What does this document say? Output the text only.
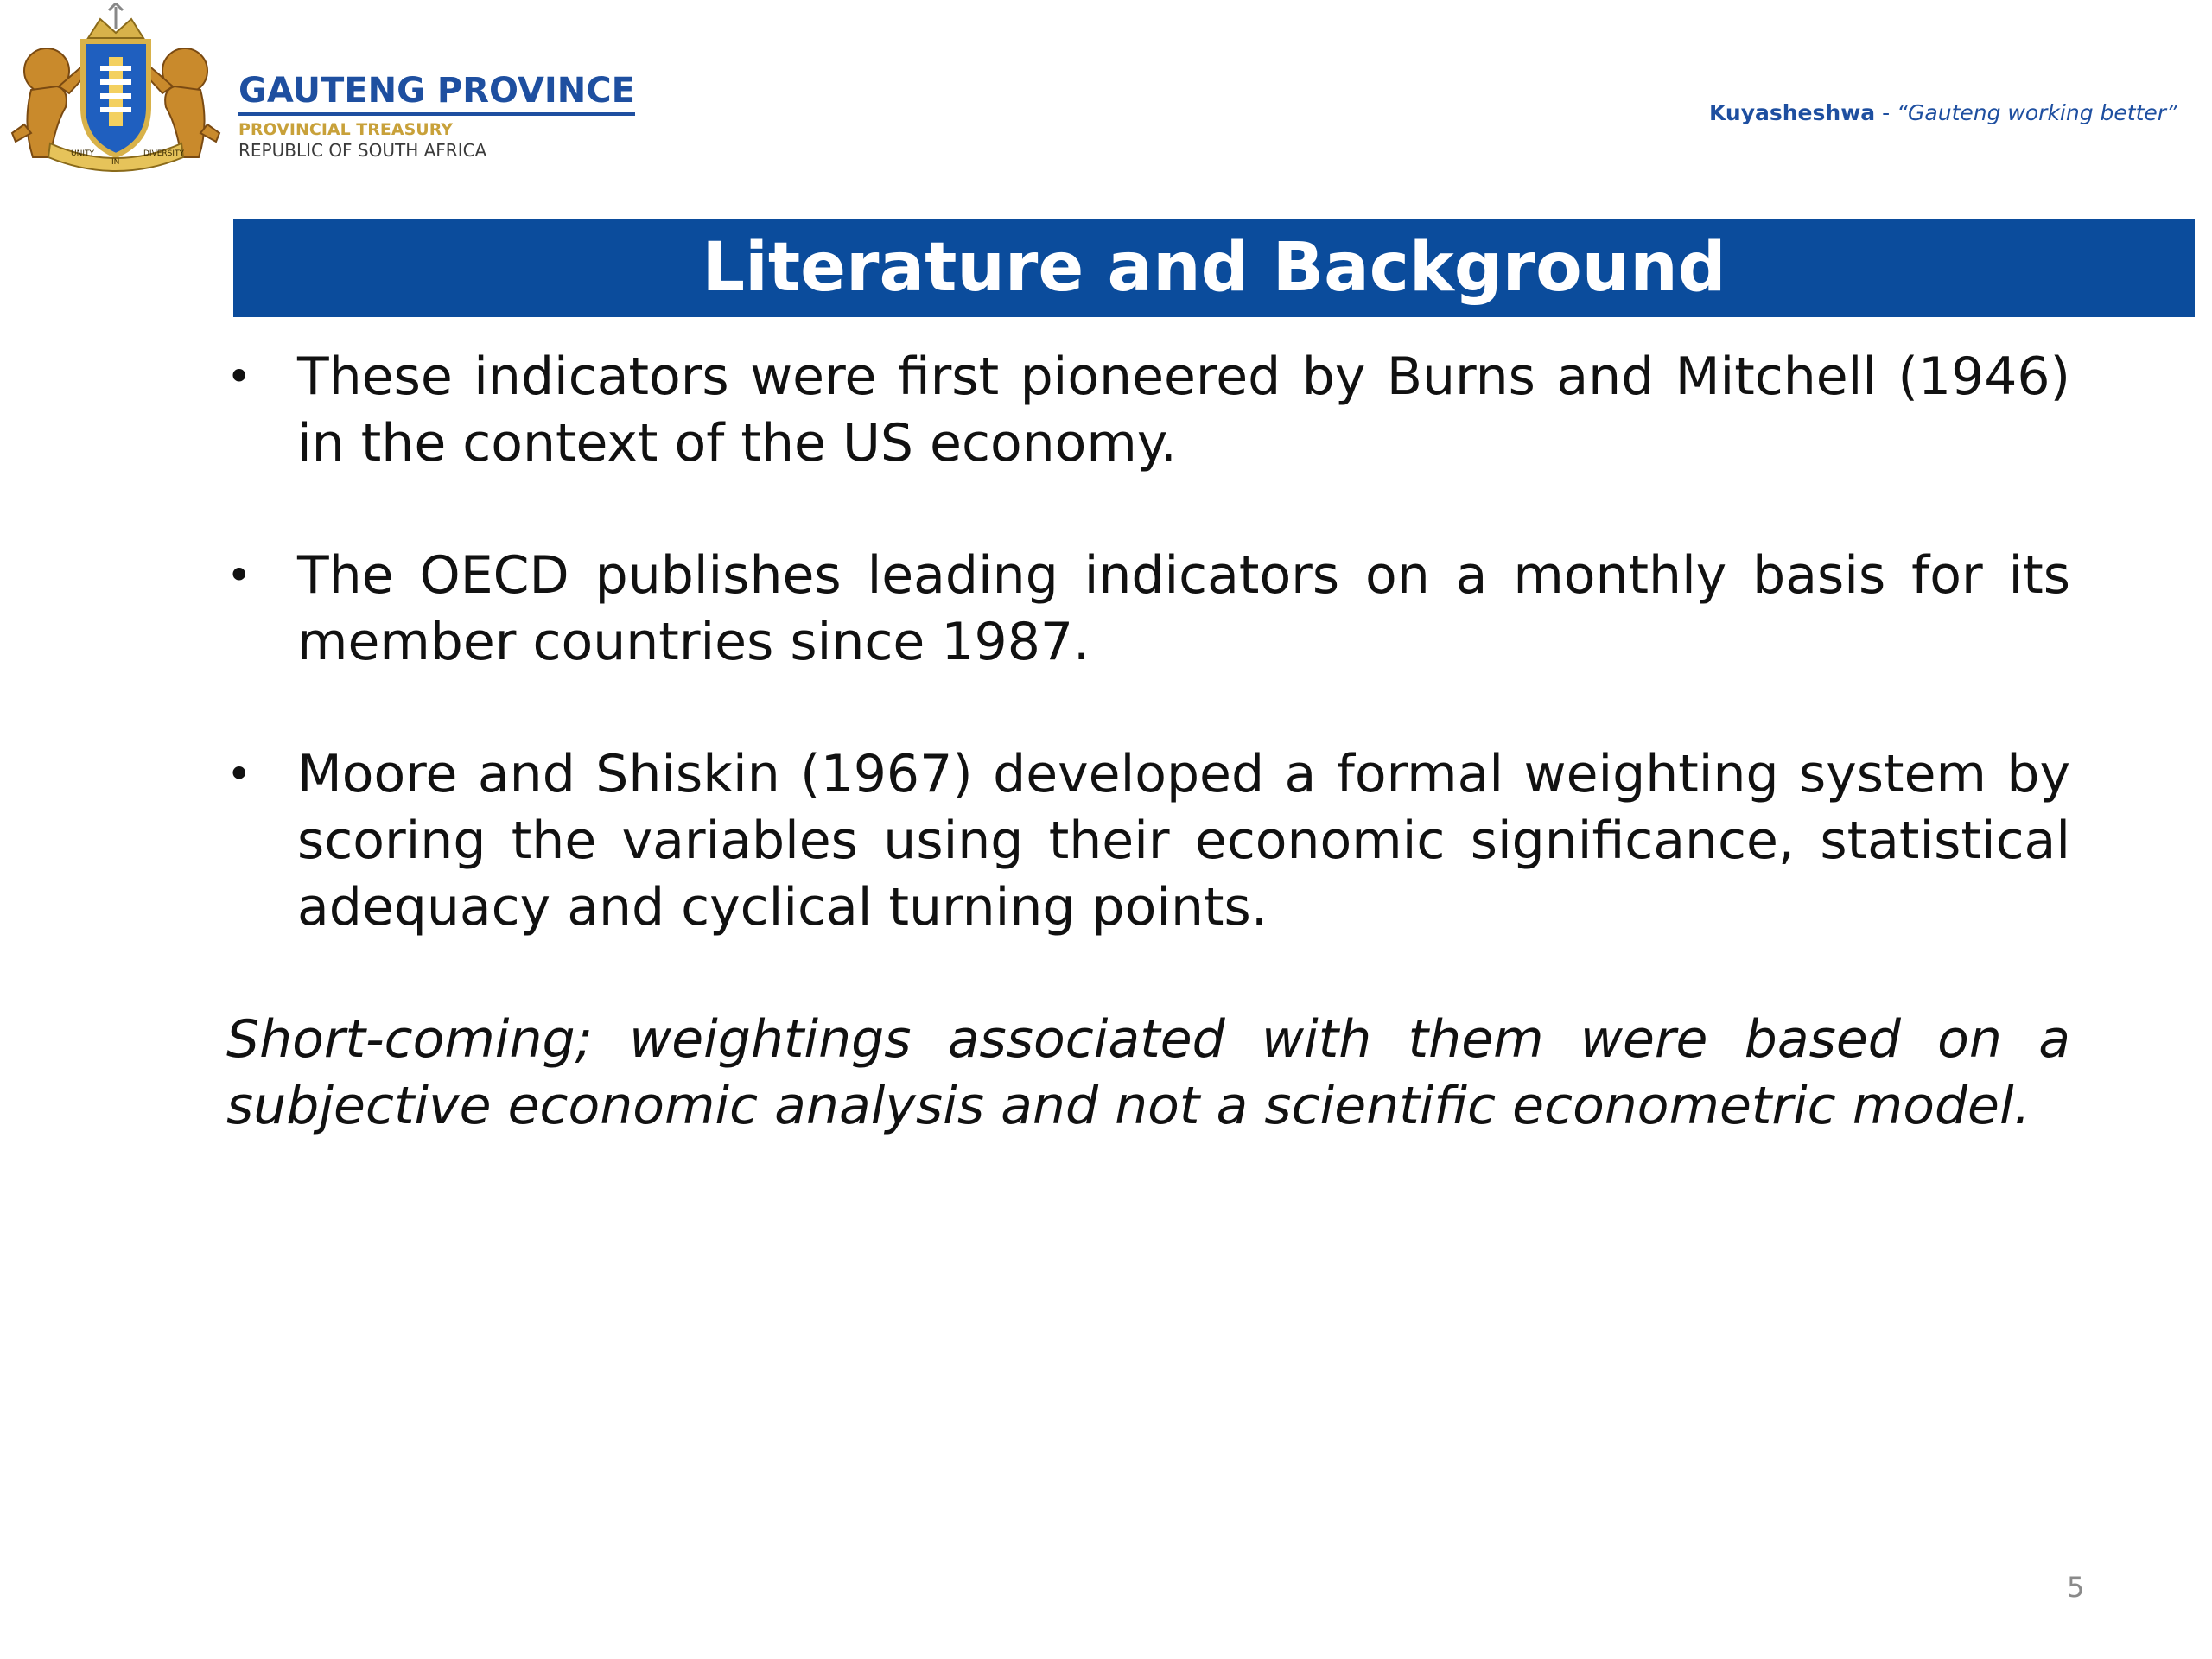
UNITY
IN
DIVERSITY
GAUTENG PROVINCE
PROVINCIAL TREASURY
REPUBLIC OF SOUTH AFRICA
Kuyasheshwa - “Gauteng working better”
Literature and Background
• These indicators were first pioneered by Burns and Mitchell (1946) in the context of the US economy.
• The OECD publishes leading indicators on a monthly basis for its member countries since 1987.
• Moore and Shiskin (1967) developed a formal weighting system by scoring the variables using their economic significance, statistical adequacy and cyclical turning points.
Short-coming; weightings associated with them were based on a subjective economic analysis and not a scientific econometric model.
5
